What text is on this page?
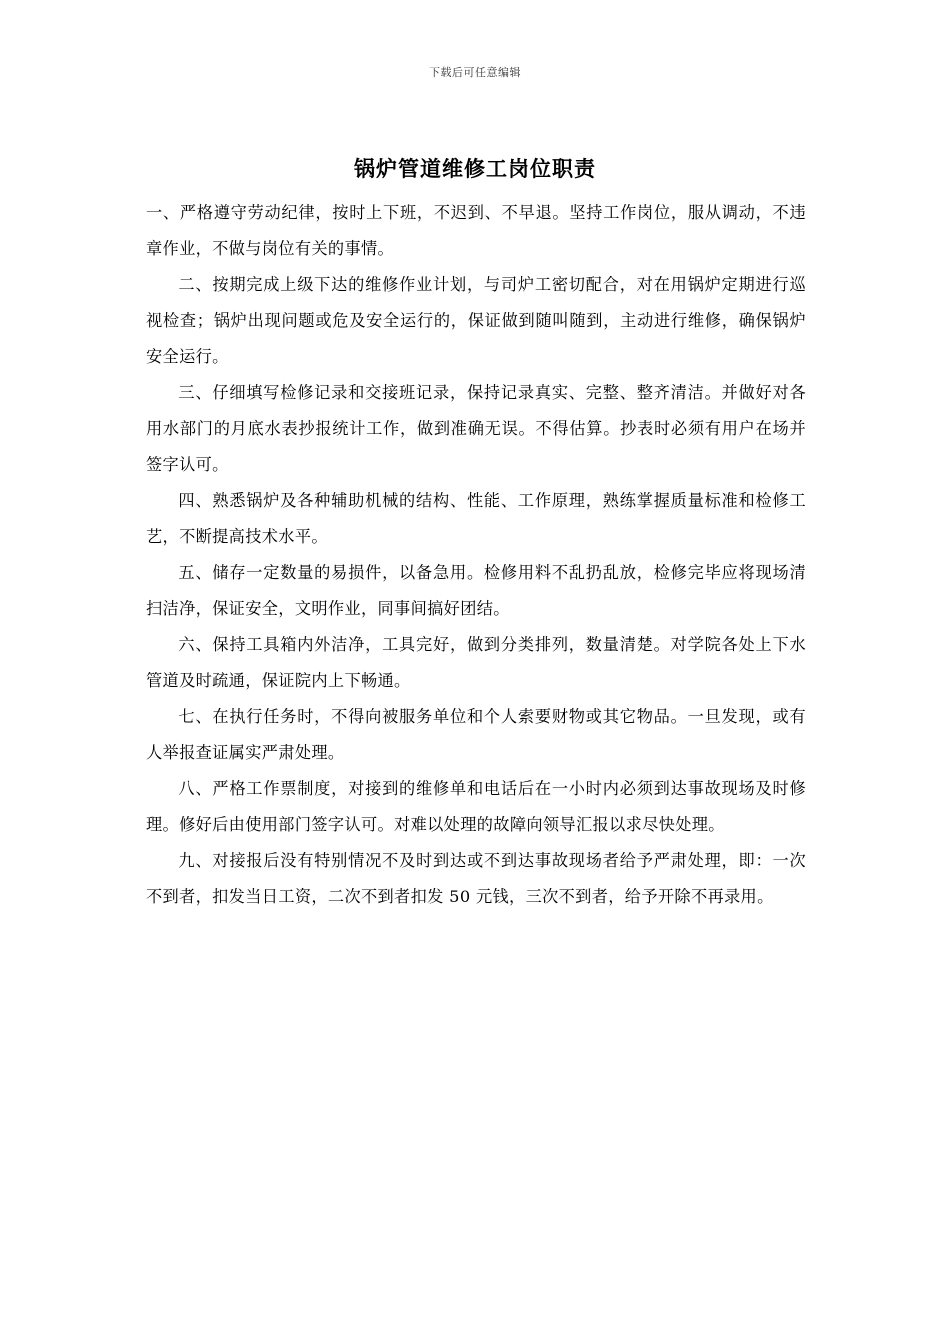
下载后可任意编辑
锅炉管道维修工岗位职责

一、严格遵守劳动纪律，按时上下班，不迟到、不早退。坚持工作岗位，服从调动，不违章作业，不做与岗位有关的事情。

二、按期完成上级下达的维修作业计划，与司炉工密切配合，对在用锅炉定期进行巡视检查；锅炉出现问题或危及安全运行的，保证做到随叫随到，主动进行维修，确保锅炉安全运行。

三、仔细填写检修记录和交接班记录，保持记录真实、完整、整齐清洁。并做好对各用水部门的月底水表抄报统计工作，做到准确无误。不得估算。抄表时必须有用户在场并签字认可。

四、熟悉锅炉及各种辅助机械的结构、性能、工作原理，熟练掌握质量标准和检修工艺，不断提高技术水平。

五、储存一定数量的易损件，以备急用。检修用料不乱扔乱放，检修完毕应将现场清扫洁净，保证安全，文明作业，同事间搞好团结。

六、保持工具箱内外洁净，工具完好，做到分类排列，数量清楚。对学院各处上下水管道及时疏通，保证院内上下畅通。

七、在执行任务时，不得向被服务单位和个人索要财物或其它物品。一旦发现，或有人举报查证属实严肃处理。

八、严格工作票制度，对接到的维修单和电话后在一小时内必须到达事故现场及时修理。修好后由使用部门签字认可。对难以处理的故障向领导汇报以求尽快处理。

九、对接报后没有特别情况不及时到达或不到达事故现场者给予严肃处理，即：一次不到者，扣发当日工资，二次不到者扣发 50 元钱，三次不到者，给予开除不再录用。
